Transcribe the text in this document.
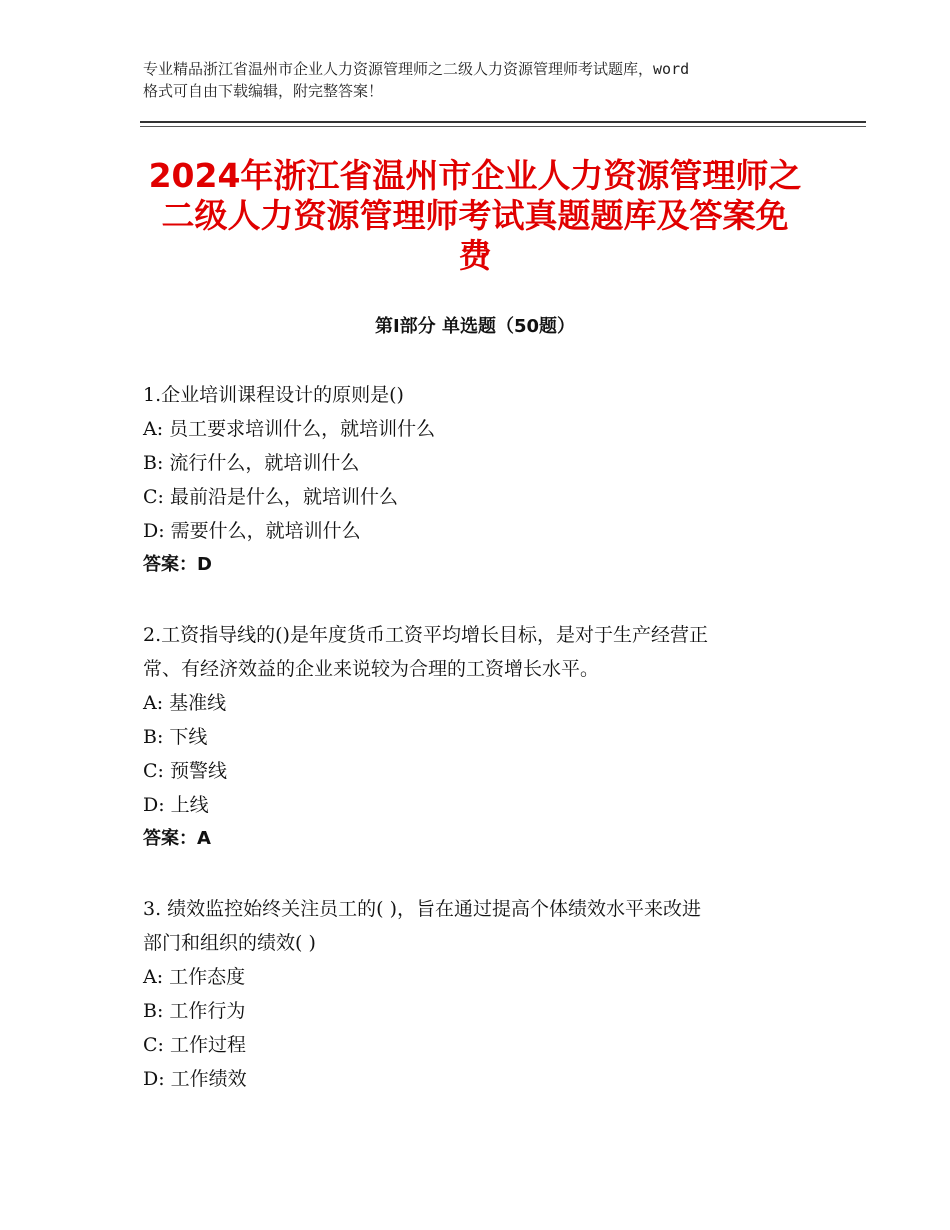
专业精品浙江省温州市企业人力资源管理师之二级人力资源管理师考试题库，word
格式可自由下载编辑，附完整答案！
2024年浙江省温州市企业人力资源管理师之
二级人力资源管理师考试真题题库及答案免
费
第Ⅰ部分 单选题（50题）
1.企业培训课程设计的原则是()
A: 员工要求培训什么，就培训什么
B: 流行什么，就培训什么
C: 最前沿是什么，就培训什么
D: 需要什么，就培训什么
答案：D
2.工资指导线的()是年度货币工资平均增长目标，是对于生产经营正
常、有经济效益的企业来说较为合理的工资增长水平。
A: 基准线
B: 下线
C: 预警线
D: 上线
答案：A
3. 绩效监控始终关注员工的( )，旨在通过提高个体绩效水平来改进
部门和组织的绩效( )
A: 工作态度
B: 工作行为
C: 工作过程
D: 工作绩效
